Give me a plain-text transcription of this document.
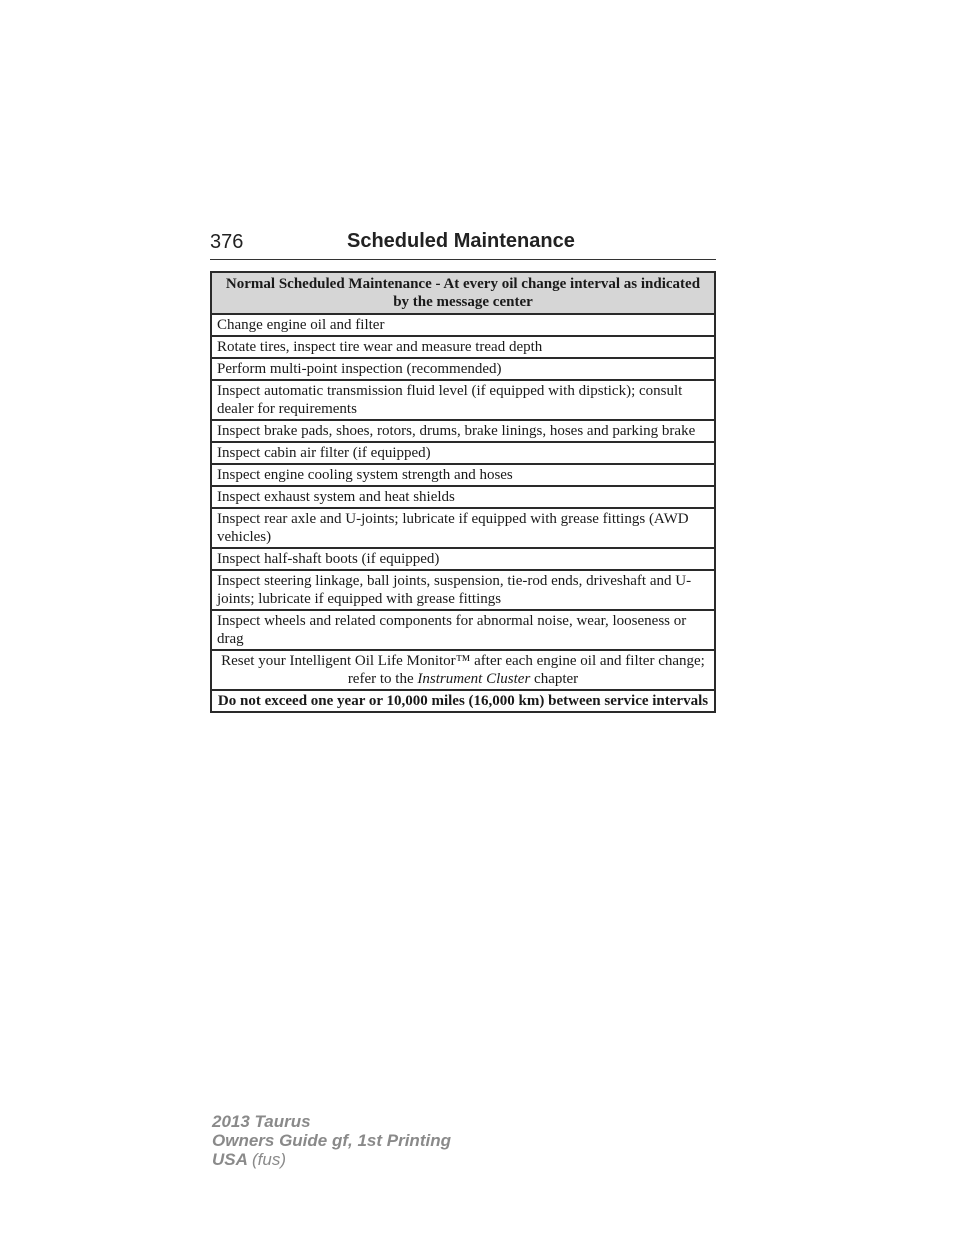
376	Scheduled Maintenance
Normal Scheduled Maintenance - At every oil change interval as indicated by the message center
Change engine oil and filter
Rotate tires, inspect tire wear and measure tread depth
Perform multi-point inspection (recommended)
Inspect automatic transmission fluid level (if equipped with dipstick); consult dealer for requirements
Inspect brake pads, shoes, rotors, drums, brake linings, hoses and parking brake
Inspect cabin air filter (if equipped)
Inspect engine cooling system strength and hoses
Inspect exhaust system and heat shields
Inspect rear axle and U-joints; lubricate if equipped with grease fittings (AWD vehicles)
Inspect half-shaft boots (if equipped)
Inspect steering linkage, ball joints, suspension, tie-rod ends, driveshaft and U-joints; lubricate if equipped with grease fittings
Inspect wheels and related components for abnormal noise, wear, looseness or drag
Reset your Intelligent Oil Life Monitor™ after each engine oil and filter change; refer to the Instrument Cluster chapter
Do not exceed one year or 10,000 miles (16,000 km) between service intervals
2013 Taurus
Owners Guide gf, 1st Printing
USA (fus)
